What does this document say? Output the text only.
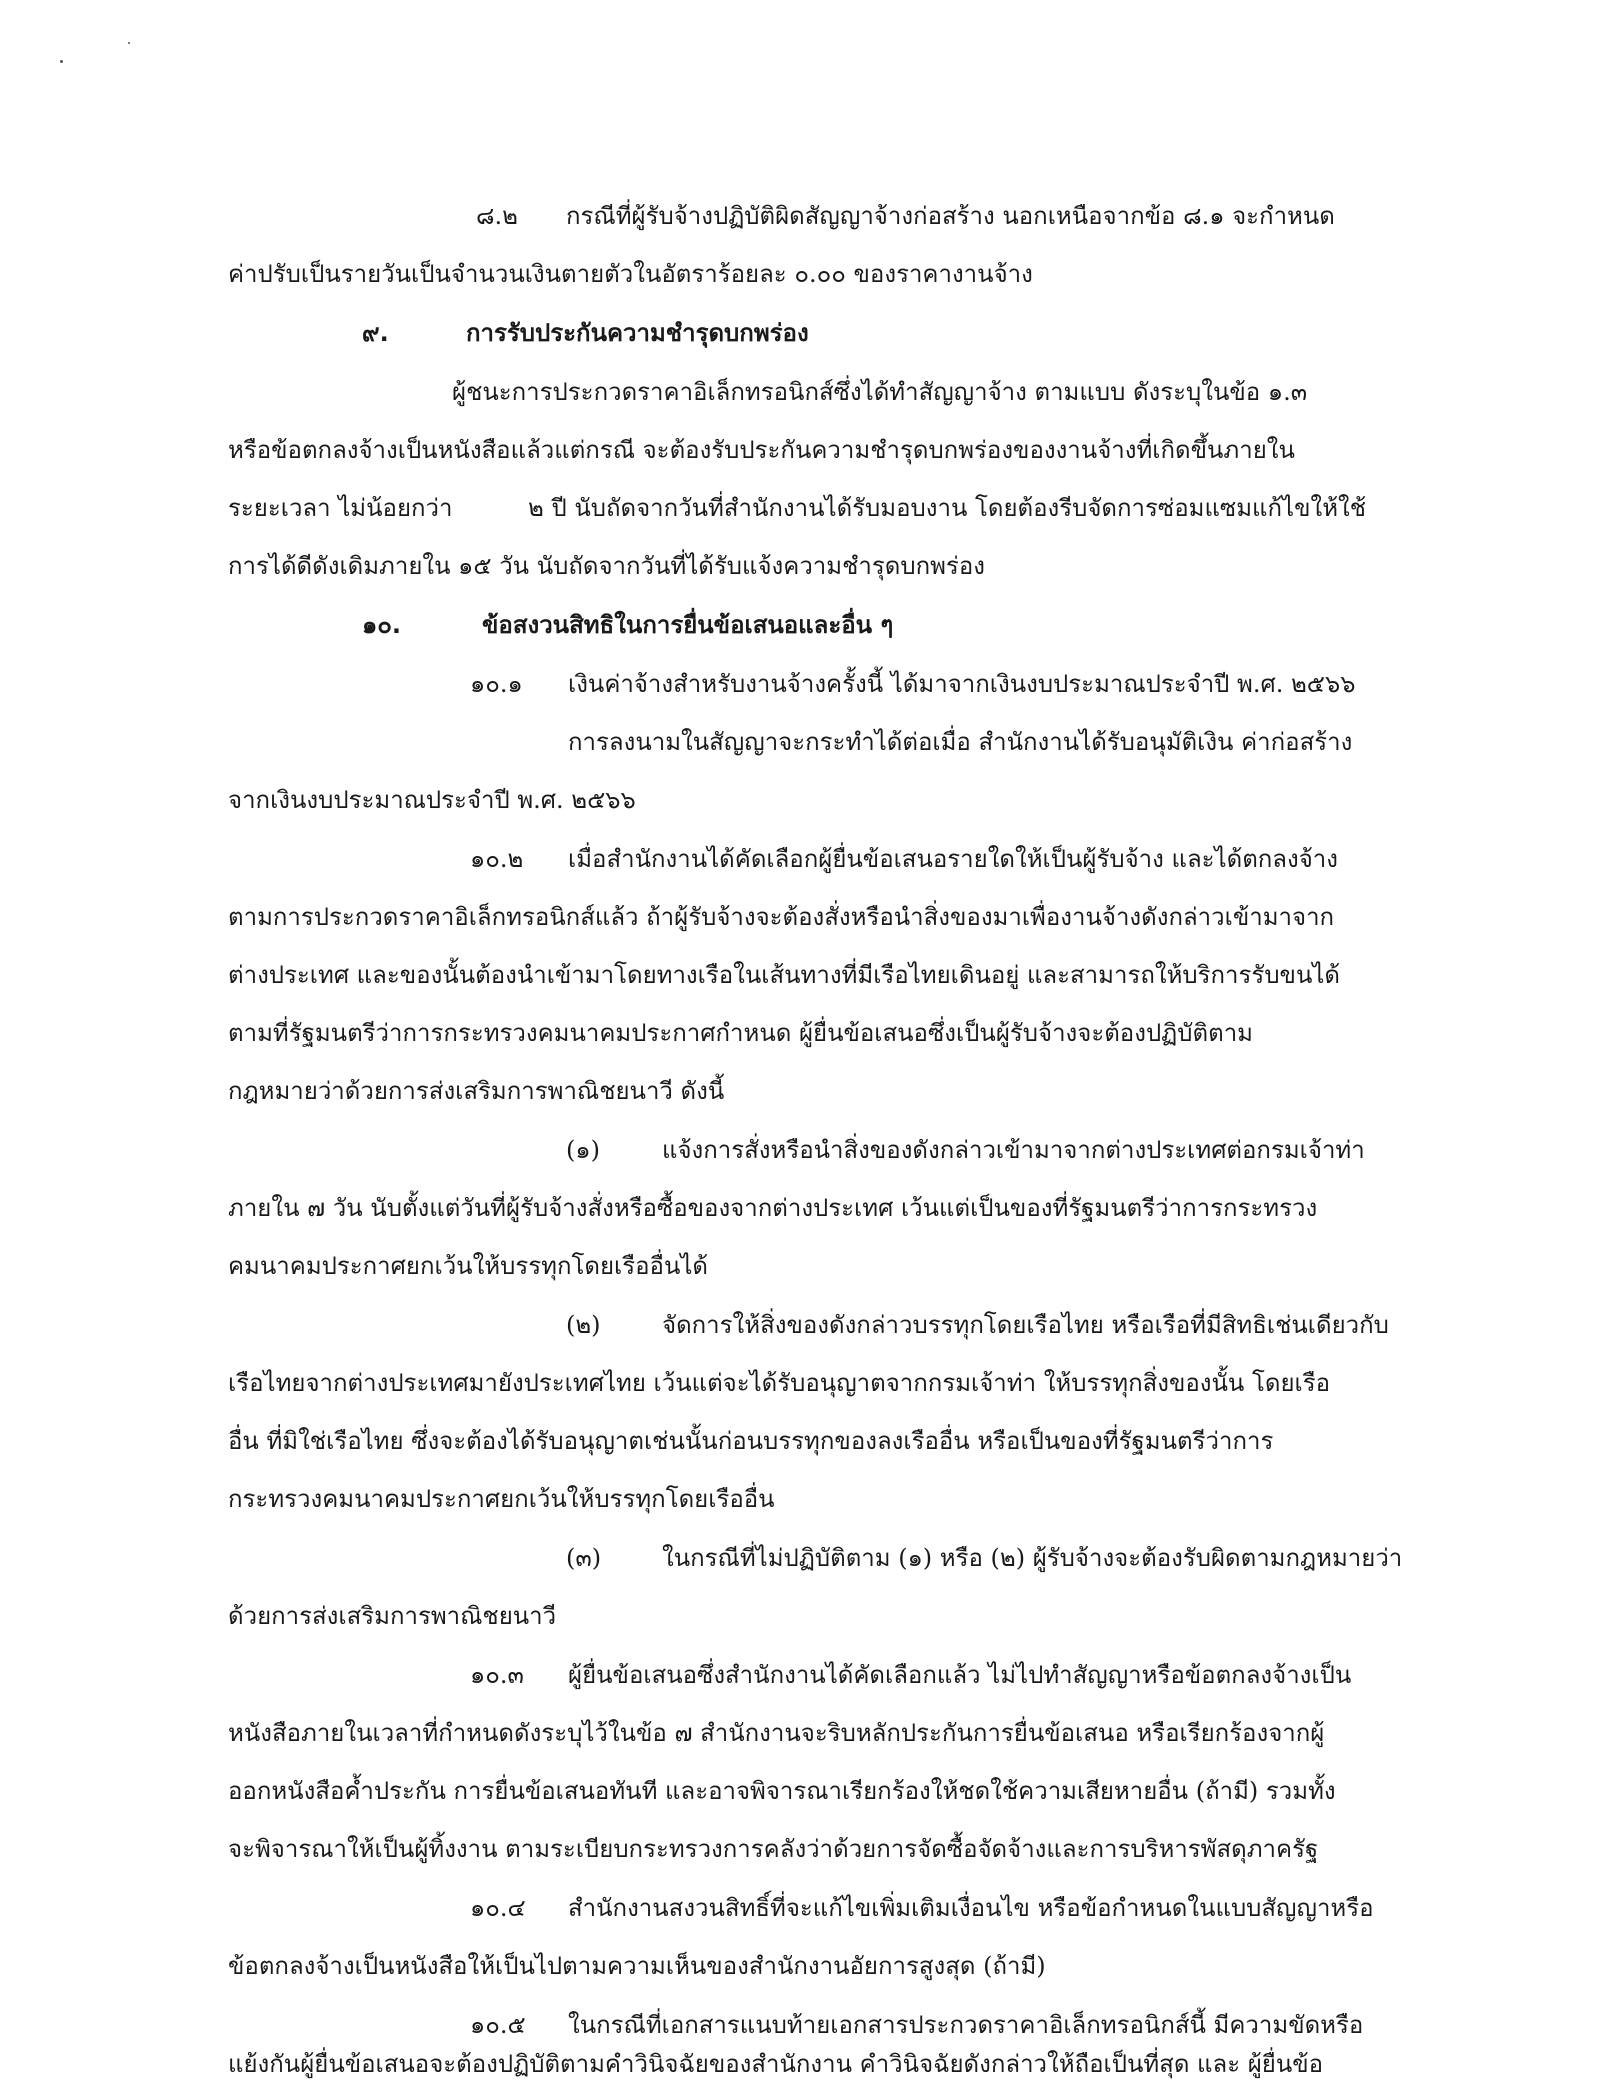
๘.๒ กรณีที่ผู้รับจ้างปฏิบัติผิดสัญญาจ้างก่อสร้าง นอกเหนือจากข้อ ๘.๑ จะกำหนด
ค่าปรับเป็นรายวันเป็นจำนวนเงินตายตัวในอัตราร้อยละ ๐.๐๐ ของราคางานจ้าง
๙.	การรับประกันความชำรุดบกพร่อง
ผู้ชนะการประกวดราคาอิเล็กทรอนิกส์ซึ่งได้ทำสัญญาจ้าง ตามแบบ ดังระบุในข้อ ๑.๓
หรือข้อตกลงจ้างเป็นหนังสือแล้วแต่กรณี จะต้องรับประกันความชำรุดบกพร่องของงานจ้างที่เกิดขึ้นภายใน
ระยะเวลา ไม่น้อยกว่า	๒ ปี นับถัดจากวันที่สำนักงานได้รับมอบงาน โดยต้องรีบจัดการซ่อมแซมแก้ไขให้ใช้
การได้ดีดังเดิมภายใน ๑๕ วัน นับถัดจากวันที่ได้รับแจ้งความชำรุดบกพร่อง
๑๐.	ข้อสงวนสิทธิในการยื่นข้อเสนอและอื่น ๆ
๑๐.๑ เงินค่าจ้างสำหรับงานจ้างครั้งนี้ ได้มาจากเงินงบประมาณประจำปี พ.ศ. ๒๕๖๖
การลงนามในสัญญาจะกระทำได้ต่อเมื่อ สำนักงานได้รับอนุมัติเงิน ค่าก่อสร้าง
จากเงินงบประมาณประจำปี พ.ศ. ๒๕๖๖
๑๐.๒ เมื่อสำนักงานได้คัดเลือกผู้ยื่นข้อเสนอรายใดให้เป็นผู้รับจ้าง และได้ตกลงจ้าง
ตามการประกวดราคาอิเล็กทรอนิกส์แล้ว ถ้าผู้รับจ้างจะต้องสั่งหรือนำสิ่งของมาเพื่องานจ้างดังกล่าวเข้ามาจาก
ต่างประเทศ และของนั้นต้องนำเข้ามาโดยทางเรือในเส้นทางที่มีเรือไทยเดินอยู่ และสามารถให้บริการรับขนได้
ตามที่รัฐมนตรีว่าการกระทรวงคมนาคมประกาศกำหนด ผู้ยื่นข้อเสนอซึ่งเป็นผู้รับจ้างจะต้องปฏิบัติตาม
กฎหมายว่าด้วยการส่งเสริมการพาณิชยนาวี ดังนี้
(๑)	แจ้งการสั่งหรือนำสิ่งของดังกล่าวเข้ามาจากต่างประเทศต่อกรมเจ้าท่า
ภายใน ๗ วัน นับตั้งแต่วันที่ผู้รับจ้างสั่งหรือซื้อของจากต่างประเทศ เว้นแต่เป็นของที่รัฐมนตรีว่าการกระทรวง
คมนาคมประกาศยกเว้นให้บรรทุกโดยเรืออื่นได้
(๒)	จัดการให้สิ่งของดังกล่าวบรรทุกโดยเรือไทย หรือเรือที่มีสิทธิเช่นเดียวกับ
เรือไทยจากต่างประเทศมายังประเทศไทย เว้นแต่จะได้รับอนุญาตจากกรมเจ้าท่า ให้บรรทุกสิ่งของนั้น โดยเรือ
อื่น ที่มิใช่เรือไทย ซึ่งจะต้องได้รับอนุญาตเช่นนั้นก่อนบรรทุกของลงเรืออื่น หรือเป็นของที่รัฐมนตรีว่าการ
กระทรวงคมนาคมประกาศยกเว้นให้บรรทุกโดยเรืออื่น
(๓)	ในกรณีที่ไม่ปฏิบัติตาม (๑) หรือ (๒) ผู้รับจ้างจะต้องรับผิดตามกฎหมายว่า
ด้วยการส่งเสริมการพาณิชยนาวี
๑๐.๓ ผู้ยื่นข้อเสนอซึ่งสำนักงานได้คัดเลือกแล้ว ไม่ไปทำสัญญาหรือข้อตกลงจ้างเป็น
หนังสือภายในเวลาที่กำหนดดังระบุไว้ในข้อ ๗ สำนักงานจะริบหลักประกันการยื่นข้อเสนอ หรือเรียกร้องจากผู้
ออกหนังสือค้ำประกัน การยื่นข้อเสนอทันที และอาจพิจารณาเรียกร้องให้ชดใช้ความเสียหายอื่น (ถ้ามี) รวมทั้ง
จะพิจารณาให้เป็นผู้ทิ้งงาน ตามระเบียบกระทรวงการคลังว่าด้วยการจัดซื้อจัดจ้างและการบริหารพัสดุภาครัฐ
๑๐.๔ สำนักงานสงวนสิทธิ์ที่จะแก้ไขเพิ่มเติมเงื่อนไข หรือข้อกำหนดในแบบสัญญาหรือ
ข้อตกลงจ้างเป็นหนังสือให้เป็นไปตามความเห็นของสำนักงานอัยการสูงสุด (ถ้ามี)
๑๐.๕ ในกรณีที่เอกสารแนบท้ายเอกสารประกวดราคาอิเล็กทรอนิกส์นี้ มีความขัดหรือ
แย้งกันผู้ยื่นข้อเสนอจะต้องปฏิบัติตามคำวินิจฉัยของสำนักงาน คำวินิจฉัยดังกล่าวให้ถือเป็นที่สุด และ ผู้ยื่นข้อ
